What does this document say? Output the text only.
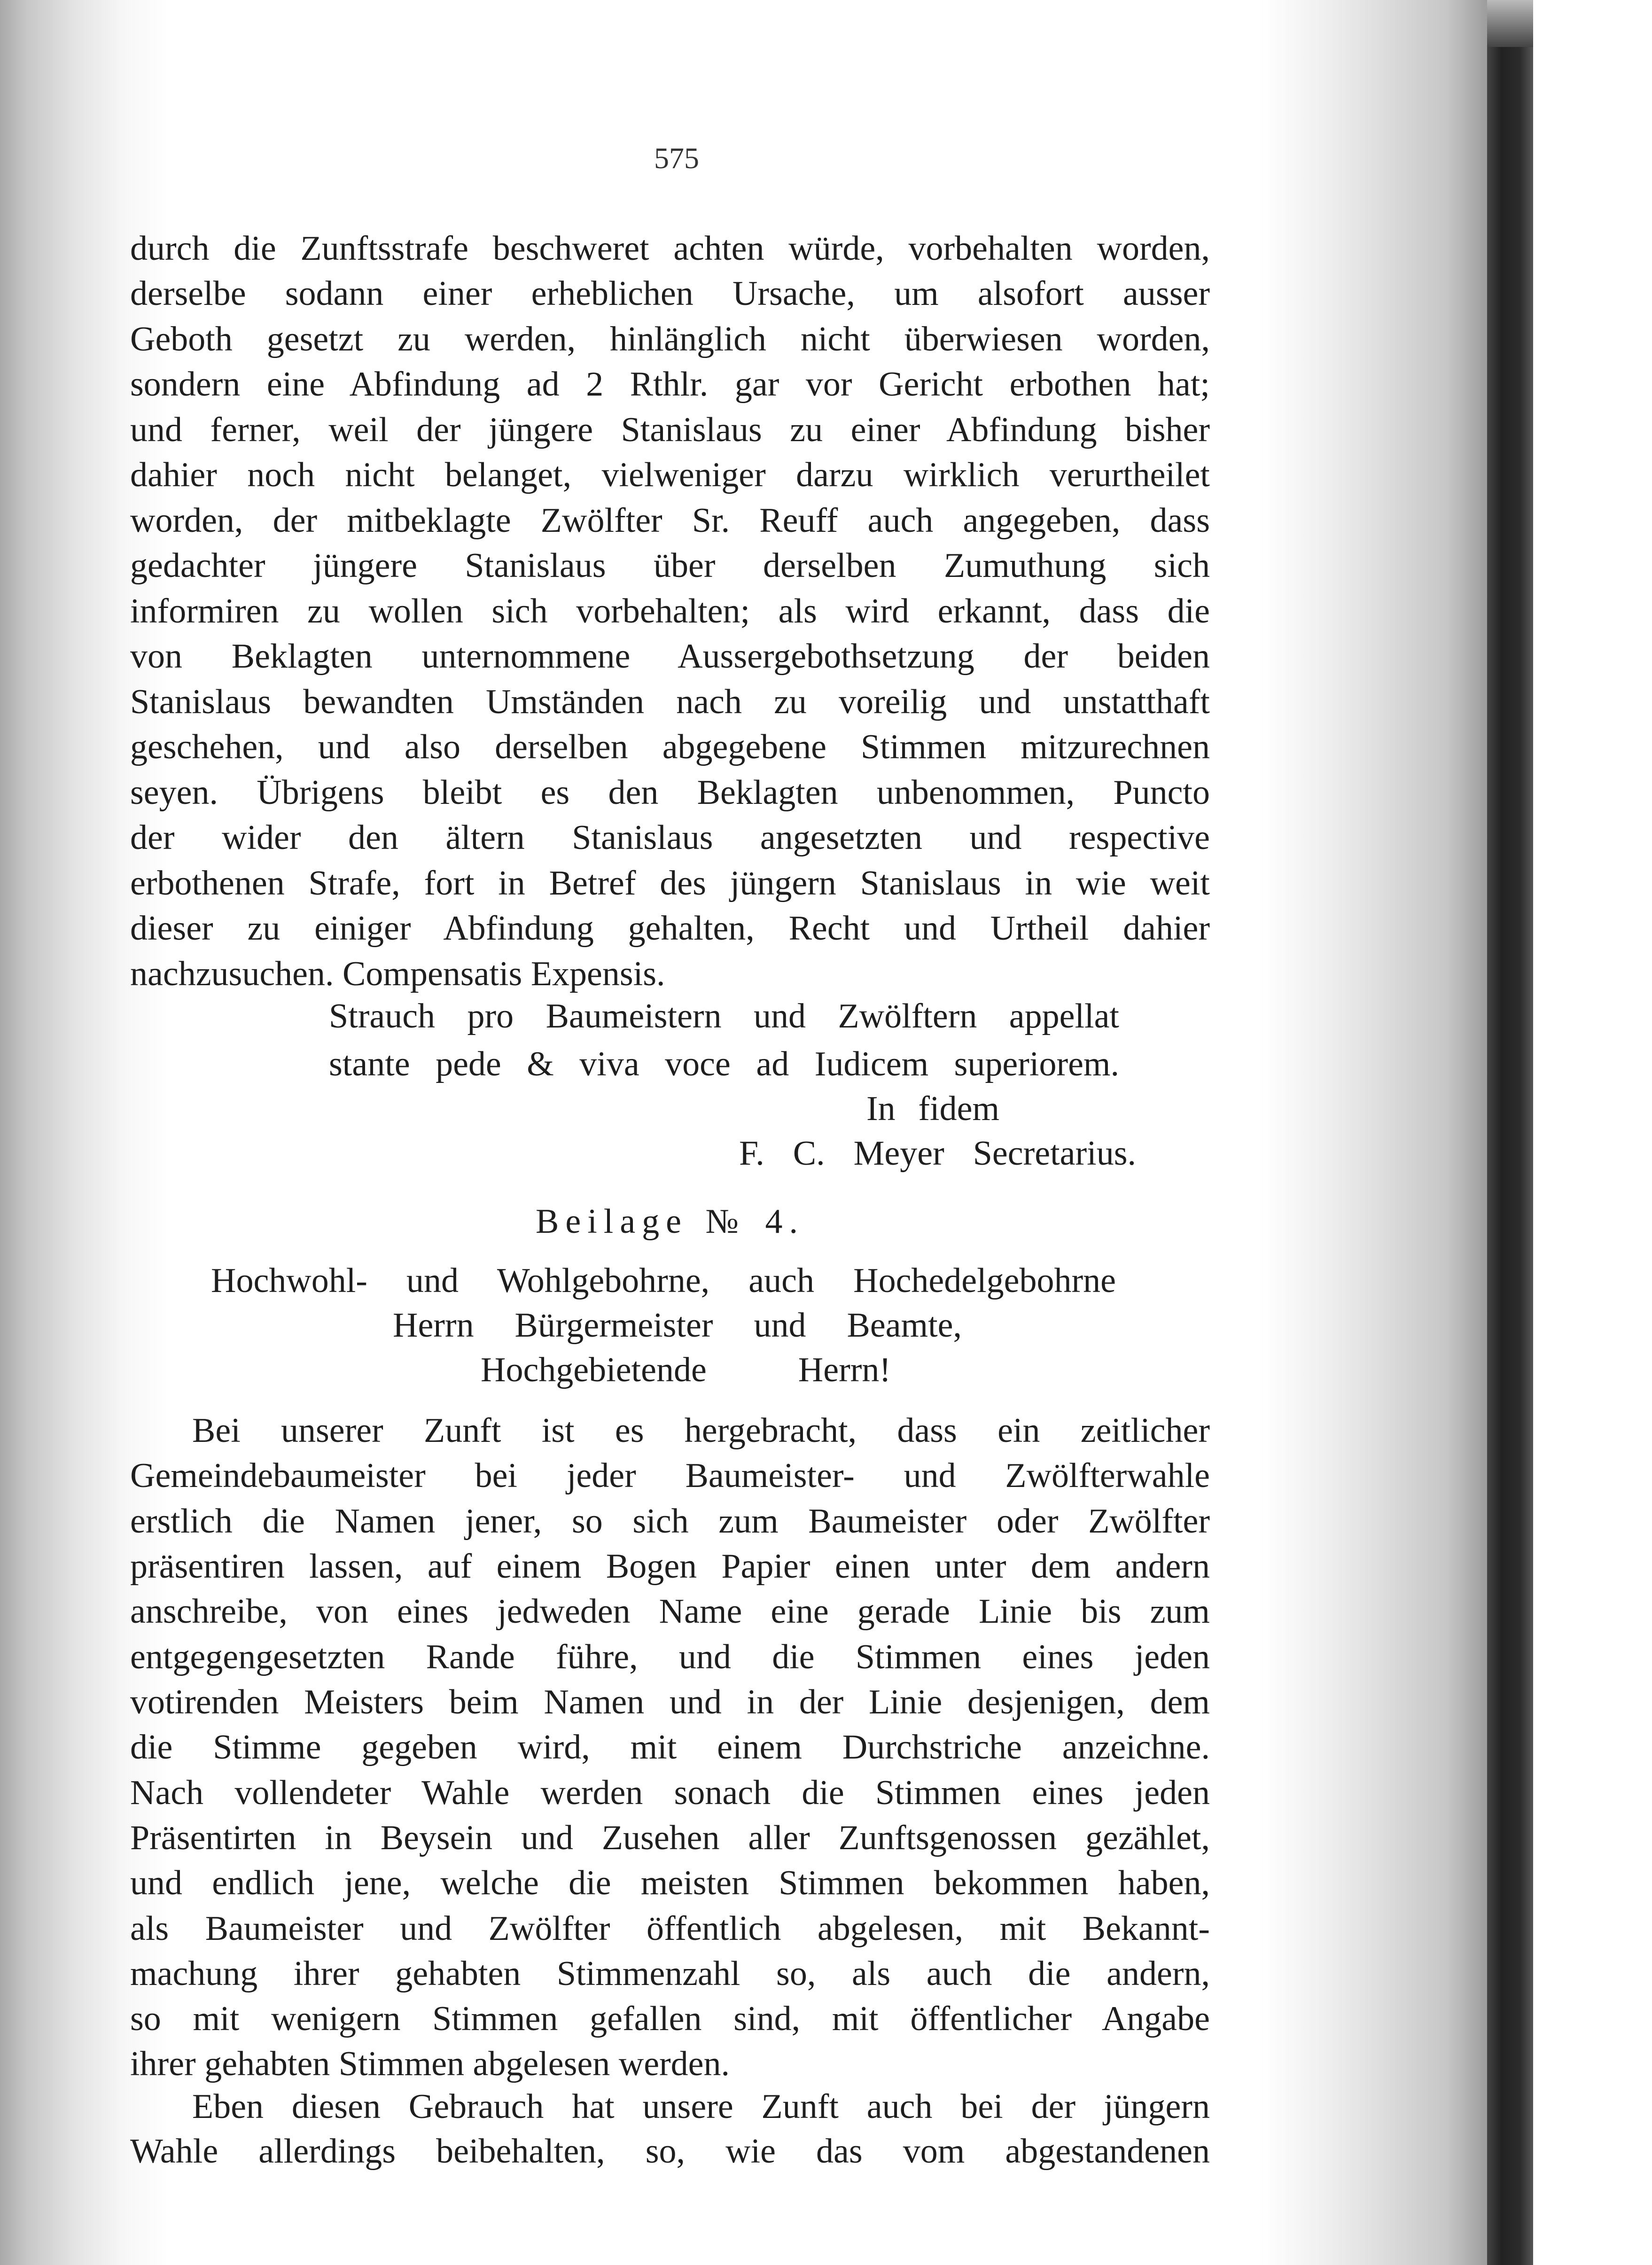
575
durch die Zunftsstrafe beschweret achten würde, vorbehalten worden,
derselbe sodann einer erheblichen Ursache, um alsofort ausser
Geboth gesetzt zu werden, hinlänglich nicht überwiesen worden,
sondern eine Abfindung ad 2 Rthlr. gar vor Gericht erbothen hat;
und ferner, weil der jüngere Stanislaus zu einer Abfindung bisher
dahier noch nicht belanget, vielweniger darzu wirklich verurtheilet
worden, der mitbeklagte Zwölfter Sr. Reuff auch angegeben, dass
gedachter jüngere Stanislaus über derselben Zumuthung sich
informiren zu wollen sich vorbehalten; als wird erkannt, dass die
von Beklagten unternommene Aussergebothsetzung der beiden
Stanislaus bewandten Umständen nach zu voreilig und unstatthaft
geschehen, und also derselben abgegebene Stimmen mitzurechnen
seyen. Übrigens bleibt es den Beklagten unbenommen, Puncto
der wider den ältern Stanislaus angesetzten und respective
erbothenen Strafe, fort in Betref des jüngern Stanislaus in wie weit
dieser zu einiger Abfindung gehalten, Recht und Urtheil dahier
nachzusuchen. Compensatis Expensis.
Strauch pro Baumeistern und Zwölftern appellat
stante pede & viva voce ad Iudicem superiorem.
In fidem
F. C. Meyer Secretarius.
Beilage № 4.
Hochwohl- und Wohlgebohrne, auch Hochedelgebohrne
Herrn Bürgermeister und Beamte,
Hochgebietende Herrn!
Bei unserer Zunft ist es hergebracht, dass ein zeitlicher
Gemeindebaumeister bei jeder Baumeister- und Zwölfterwahle
erstlich die Namen jener, so sich zum Baumeister oder Zwölfter
präsentiren lassen, auf einem Bogen Papier einen unter dem andern
anschreibe, von eines jedweden Name eine gerade Linie bis zum
entgegengesetzten Rande führe, und die Stimmen eines jeden
votirenden Meisters beim Namen und in der Linie desjenigen, dem
die Stimme gegeben wird, mit einem Durchstriche anzeichne.
Nach vollendeter Wahle werden sonach die Stimmen eines jeden
Präsentirten in Beysein und Zusehen aller Zunftsgenossen gezählet,
und endlich jene, welche die meisten Stimmen bekommen haben,
als Baumeister und Zwölfter öffentlich abgelesen, mit Bekannt-
machung ihrer gehabten Stimmenzahl so, als auch die andern,
so mit wenigern Stimmen gefallen sind, mit öffentlicher Angabe
ihrer gehabten Stimmen abgelesen werden.
Eben diesen Gebrauch hat unsere Zunft auch bei der jüngern
Wahle allerdings beibehalten, so, wie das vom abgestandenen
